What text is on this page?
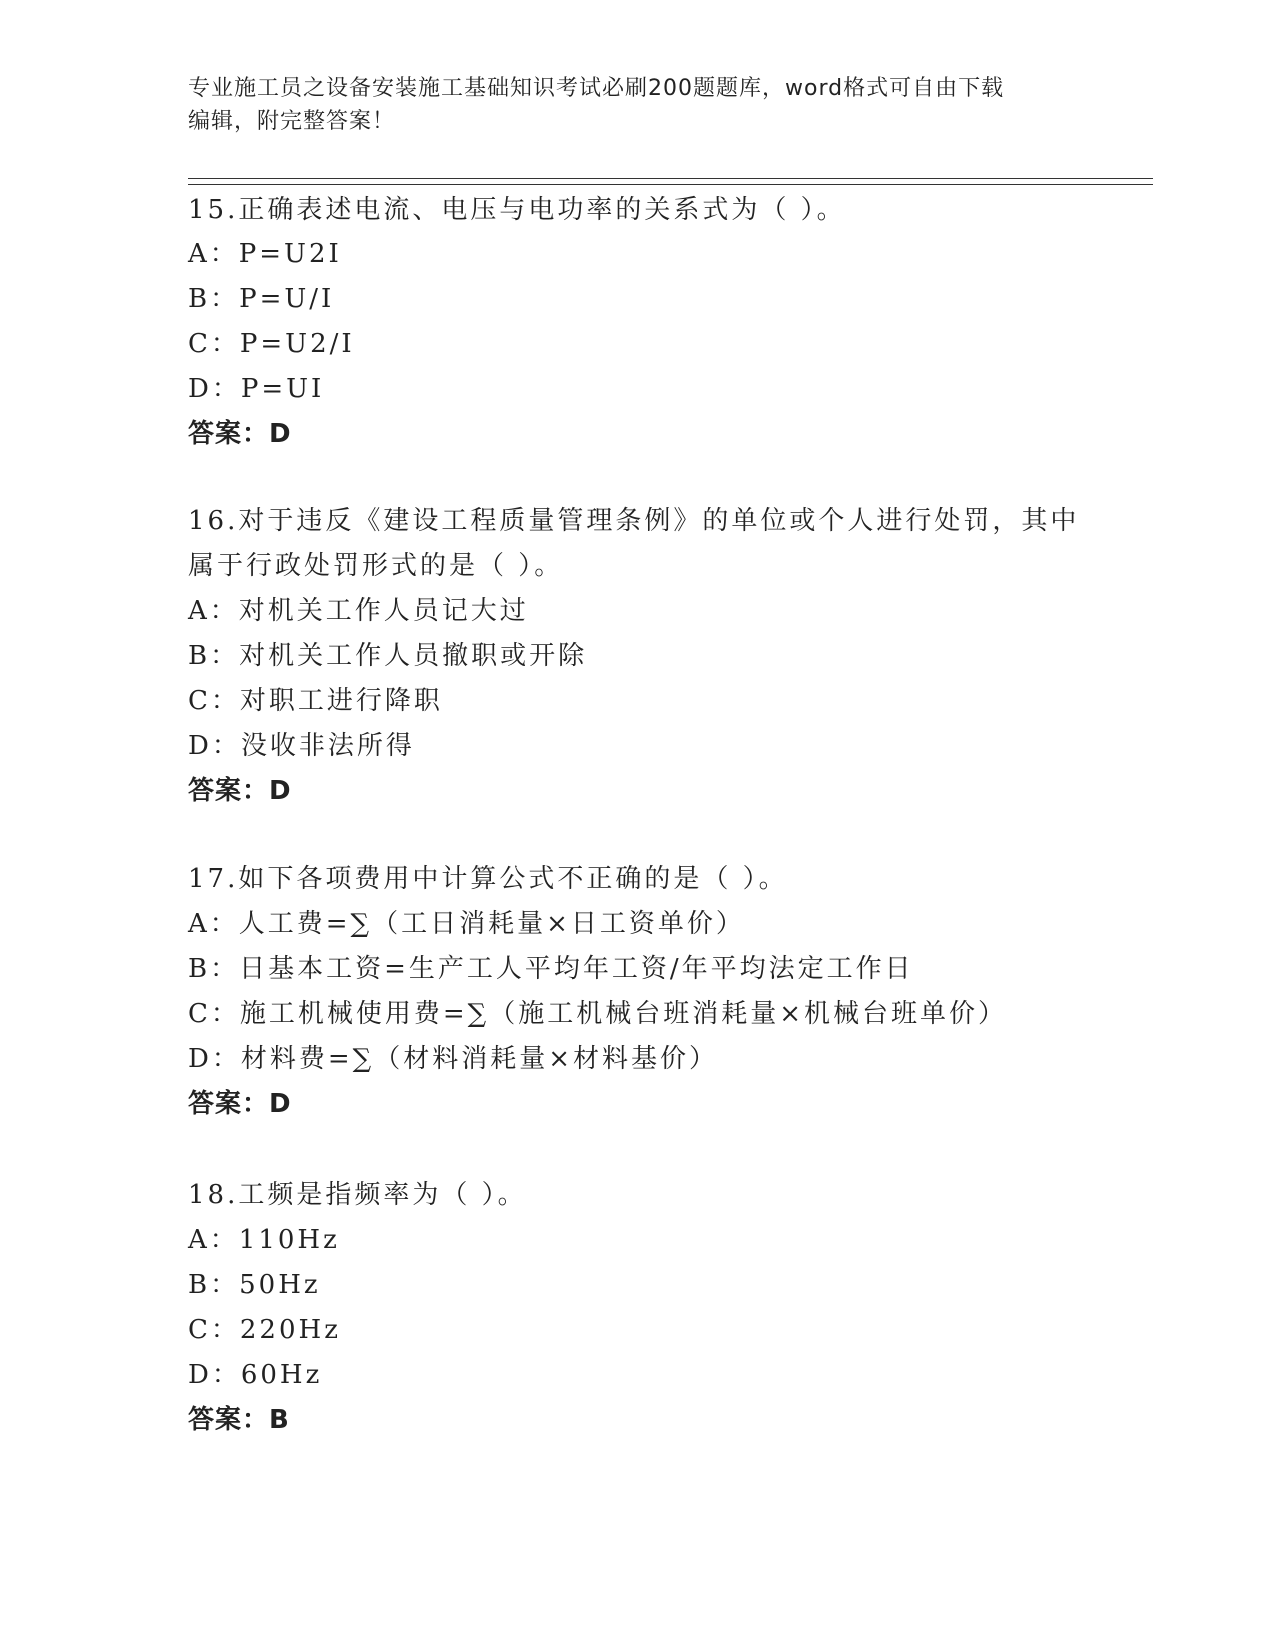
专业施工员之设备安装施工基础知识考试必刷200题题库，word格式可自由下载
编辑，附完整答案！
15.正确表述电流、电压与电功率的关系式为（ ）。
A：P=U2I
B：P=U/I
C：P=U2/I
D：P=UI
答案：D
16.对于违反《建设工程质量管理条例》的单位或个人进行处罚，其中
属于行政处罚形式的是（ ）。
A：对机关工作人员记大过
B：对机关工作人员撤职或开除
C：对职工进行降职
D：没收非法所得
答案：D
17.如下各项费用中计算公式不正确的是（ ）。
A：人工费=∑（工日消耗量×日工资单价）
B：日基本工资=生产工人平均年工资/年平均法定工作日
C：施工机械使用费=∑（施工机械台班消耗量×机械台班单价）
D：材料费=∑（材料消耗量×材料基价）
答案：D
18.工频是指频率为（ ）。
A：110Hz
B：50Hz
C：220Hz
D：60Hz
答案：B
